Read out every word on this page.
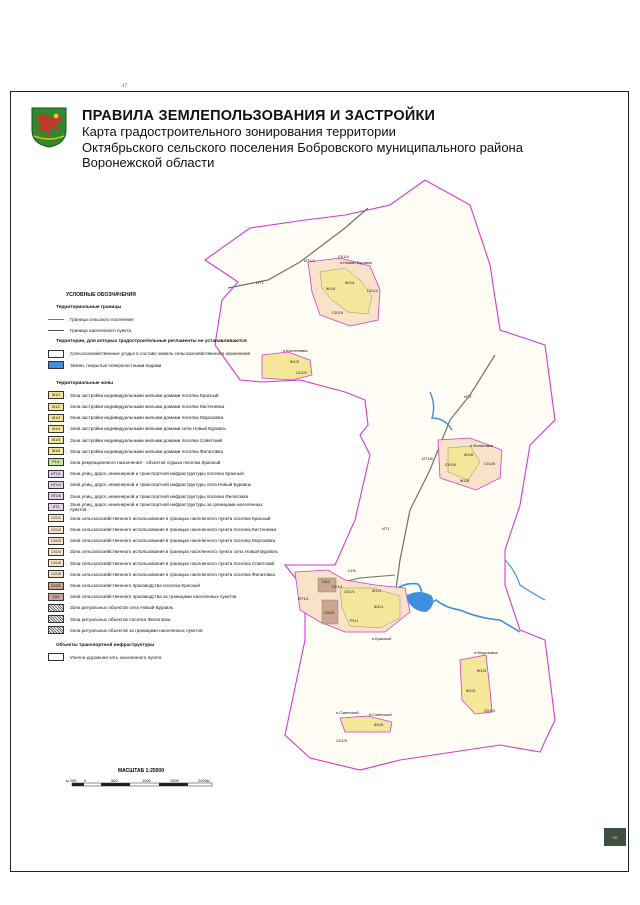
17
ПРАВИЛА ЗЕМЛЕПОЛЬЗОВАНИЯ И ЗАСТРОЙКИ
Карта градостроительного зонирования территории
Октябрьского сельского поселения Бобровского муниципального района
Воронежской области
п.Новый Буравль
п.Кистеневка
п.Филатовка
п.Красный
п.Морозовка
п.Советский	п.Советский
СХ1/4
Ж1/4
Ж1/4
СХ1/4
СХ1/4
Ж1/2
СХ1/2
Ж1/6
СХ1/6	СХ1/6
Ж1/6
Ж1/1
СХ1/1
Р1/1
Ж1/1
СХ2/1
СХ2
СХ1/1
Ж1/3
Ж1/3
СХ1/3
Ж1/5
СХ1/5
СН1
ИТ1
ИТ1
ИТ1
ИТ1/6
ИТ1/1
ИТ1/4
УСЛОВНЫЕ ОБОЗНАЧЕНИЯ
Территориальные границы
Граница сельского поселения
Граница населенного пункта
Территории, для которых градостроительные регламенты не устанавливаются
Сельскохозяйственные угодья в составе земель сельскохозяйственного назначения
Земли, покрытые поверхностными водами
Территориальные зоны
Ж1/1	Зона застройки индивидуальными жилыми домами поселка Красный
Ж1/2	Зона застройки индивидуальными жилыми домами поселка Кистеневка
Ж1/3	Зона застройки индивидуальными жилыми домами поселка Морозовка
Ж1/4	Зона застройки индивидуальными жилыми домами села Новый Буравль
Ж1/5	Зона застройки индивидуальными жилыми домами поселка Советский
Ж1/6	Зона застройки индивидуальными жилыми домами поселка Филатовка
Р1/1	Зона рекреационного назначения - объектов отдыха поселка Красный
ИТ1/1	Зона улиц, дорог, инженерной и транспортной инфраструктуры поселка Красный
ИТ1/4	Зона улиц, дорог, инженерной и транспортной инфраструктуры села Новый Буравль
ИТ1/6	Зона улиц, дорог, инженерной и транспортной инфраструктуры поселка Филатовка
ИТ1	Зона улиц, дорог, инженерной и транспортной инфраструктуры за границами населенных пунктов
СХ1/1	Зона сельскохозяйственного использования в границах населенного пункта поселка Красный
СХ1/2	Зона сельскохозяйственного использования в границах населенного пункта поселка Кистеневка
СХ1/3	Зона сельскохозяйственного использования в границах населенного пункта поселка Морозовка
СХ1/4	Зона сельскохозяйственного использования в границах населенного пункта села Новый Буравль
СХ1/5	Зона сельскохозяйственного использования в границах населенного пункта поселка Советский
СХ1/6	Зона сельскохозяйственного использования в границах населенного пункта поселка Филатовка
СХ2/1	Зона сельскохозяйственного производства поселка Красный
СХ2	Зона сельскохозяйственного производства за границами населенных пунктов
Зона ритуальных объектов села Новый Буравль
Зона ритуальных объектов поселка Филатовка
Зона ритуальных объектов за границами населенных пунктов
Объекты транспортной инфраструктуры
Улично-дорожная сеть населенного пункта
МАСШТАБ 1:25000
м 250 0	500	1000	1500	2000м
ПЕ
